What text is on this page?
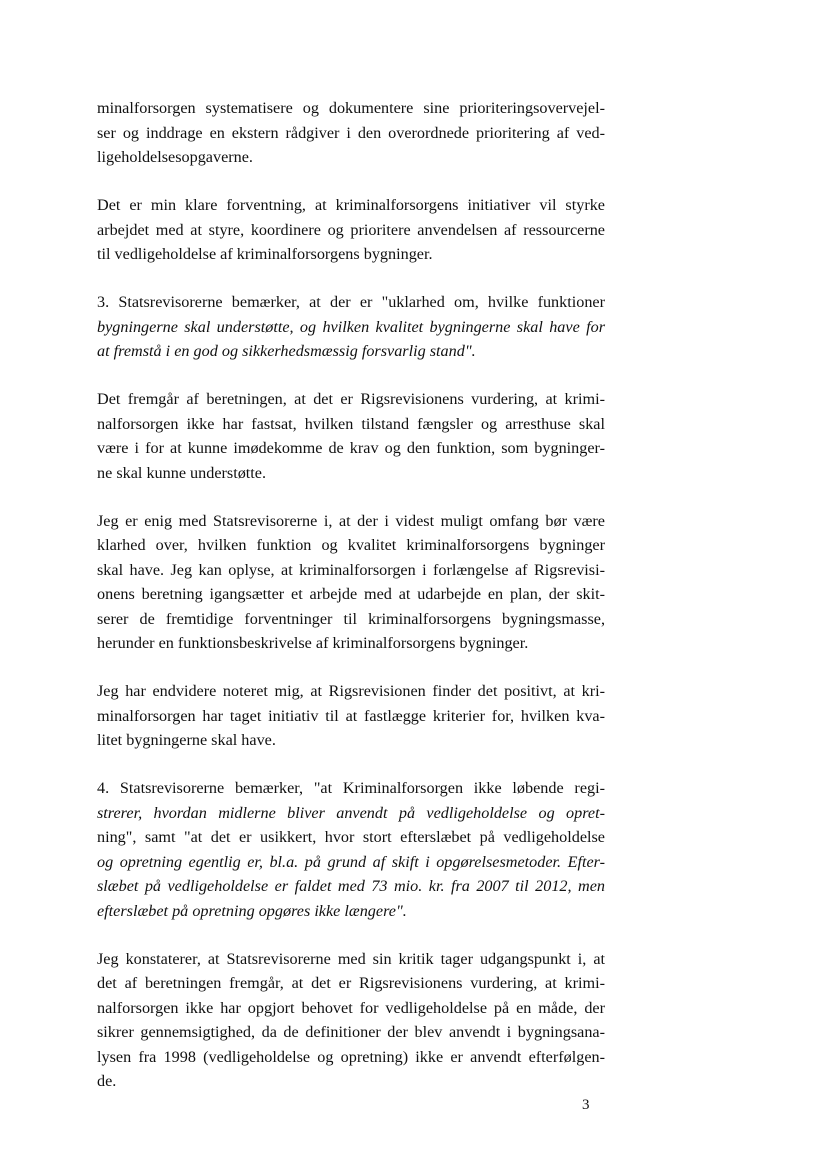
minalforsorgen systematisere og dokumentere sine prioriteringsovervejel-
ser og inddrage en ekstern rådgiver i den overordnede prioritering af ved-
ligeholdelsesopgaverne.

Det er min klare forventning, at kriminalforsorgens initiativer vil styrke
arbejdet med at styre, koordinere og prioritere anvendelsen af ressourcerne
til vedligeholdelse af kriminalforsorgens bygninger.

3. Statsrevisorerne bemærker, at der er "uklarhed om, hvilke funktioner
bygningerne skal understøtte, og hvilken kvalitet bygningerne skal have for
at fremstå i en god og sikkerhedsmæssig forsvarlig stand".

Det fremgår af beretningen, at det er Rigsrevisionens vurdering, at krimi-
nalforsorgen ikke har fastsat, hvilken tilstand fængsler og arresthuse skal
være i for at kunne imødekomme de krav og den funktion, som bygninger-
ne skal kunne understøtte.

Jeg er enig med Statsrevisorerne i, at der i videst muligt omfang bør være
klarhed over, hvilken funktion og kvalitet kriminalforsorgens bygninger
skal have. Jeg kan oplyse, at kriminalforsorgen i forlængelse af Rigsrevisi-
onens beretning igangsætter et arbejde med at udarbejde en plan, der skit-
serer de fremtidige forventninger til kriminalforsorgens bygningsmasse,
herunder en funktionsbeskrivelse af kriminalforsorgens bygninger.

Jeg har endvidere noteret mig, at Rigsrevisionen finder det positivt, at kri-
minalforsorgen har taget initiativ til at fastlægge kriterier for, hvilken kva-
litet bygningerne skal have.

4. Statsrevisorerne bemærker, "at Kriminalforsorgen ikke løbende regi-
strerer, hvordan midlerne bliver anvendt på vedligeholdelse og opret-
ning", samt "at det er usikkert, hvor stort efterslæbet på vedligeholdelse
og opretning egentlig er, bl.a. på grund af skift i opgørelsesmetoder. Efter-
slæbet på vedligeholdelse er faldet med 73 mio. kr. fra 2007 til 2012, men
efterslæbet på opretning opgøres ikke længere".

Jeg konstaterer, at Statsrevisorerne med sin kritik tager udgangspunkt i, at
det af beretningen fremgår, at det er Rigsrevisionens vurdering, at krimi-
nalforsorgen ikke har opgjort behovet for vedligeholdelse på en måde, der
sikrer gennemsigtighed, da de definitioner der blev anvendt i bygningsana-
lysen fra 1998 (vedligeholdelse og opretning) ikke er anvendt efterfølgen-
de.

3
